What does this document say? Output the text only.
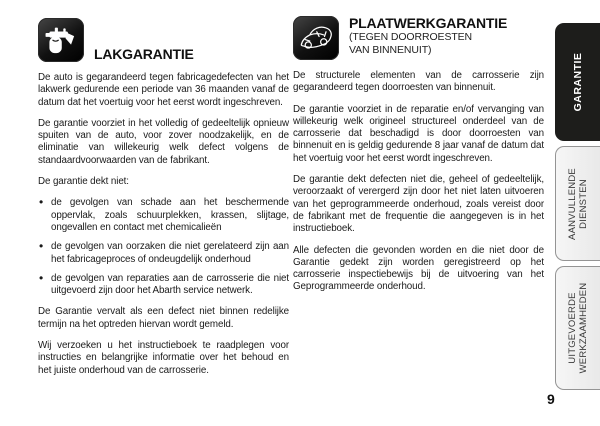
LAKGARANTIE

De auto is gegarandeerd tegen fabricagedefecten van het lakwerk gedurende een periode van 36 maanden vanaf de datum dat het voertuig voor het eerst wordt ingeschreven.

De garantie voorziet in het volledig of gedeeltelijk opnieuw spuiten van de auto, voor zover noodzakelijk, en de eliminatie van willekeurig welk defect volgens de standaardvoorwaarden van de fabrikant.

De garantie dekt niet:

• de gevolgen van schade aan het beschermende oppervlak, zoals schuurplekken, krassen, slijtage, ongevallen en contact met chemicalieën
• de gevolgen van oorzaken die niet gerelateerd zijn aan het fabricageproces of ondeugdelijk onderhoud
• de gevolgen van reparaties aan de carrosserie die niet uitgevoerd zijn door het Abarth service netwerk.

De Garantie vervalt als een defect niet binnen redelijke termijn na het optreden hiervan wordt gemeld.

Wij verzoeken u het instructieboek te raadplegen voor instructies en belangrijke informatie over het behoud en het juiste onderhoud van de carrosserie.

PLAATWERKGARANTIE
(TEGEN DOORROESTEN
VAN BINNENUIT)

De structurele elementen van de carrosserie zijn gegarandeerd tegen doorroesten van binnenuit.

De garantie voorziet in de reparatie en/of vervanging van willekeurig welk origineel structureel onderdeel van de carrosserie dat beschadigd is door doorroesten van binnenuit en is geldig gedurende 8 jaar vanaf de datum dat het voertuig voor het eerst wordt ingeschreven.

De garantie dekt defecten niet die, geheel of gedeeltelijk, veroorzaakt of verergerd zijn door het niet laten uitvoeren van het geprogrammeerde onderhoud, zoals vereist door de fabrikant met de frequentie die aangegeven is in het instructieboek.

Alle defecten die gevonden worden en die niet door de Garantie gedekt zijn worden geregistreerd op het carrosserie inspectiebewijs bij de uitvoering van het Geprogrammeerde onderhoud.

GARANTIE
AANVULLENDE
DIENSTEN
UITGEVOERDE
WERKZAAMHEDEN
9
